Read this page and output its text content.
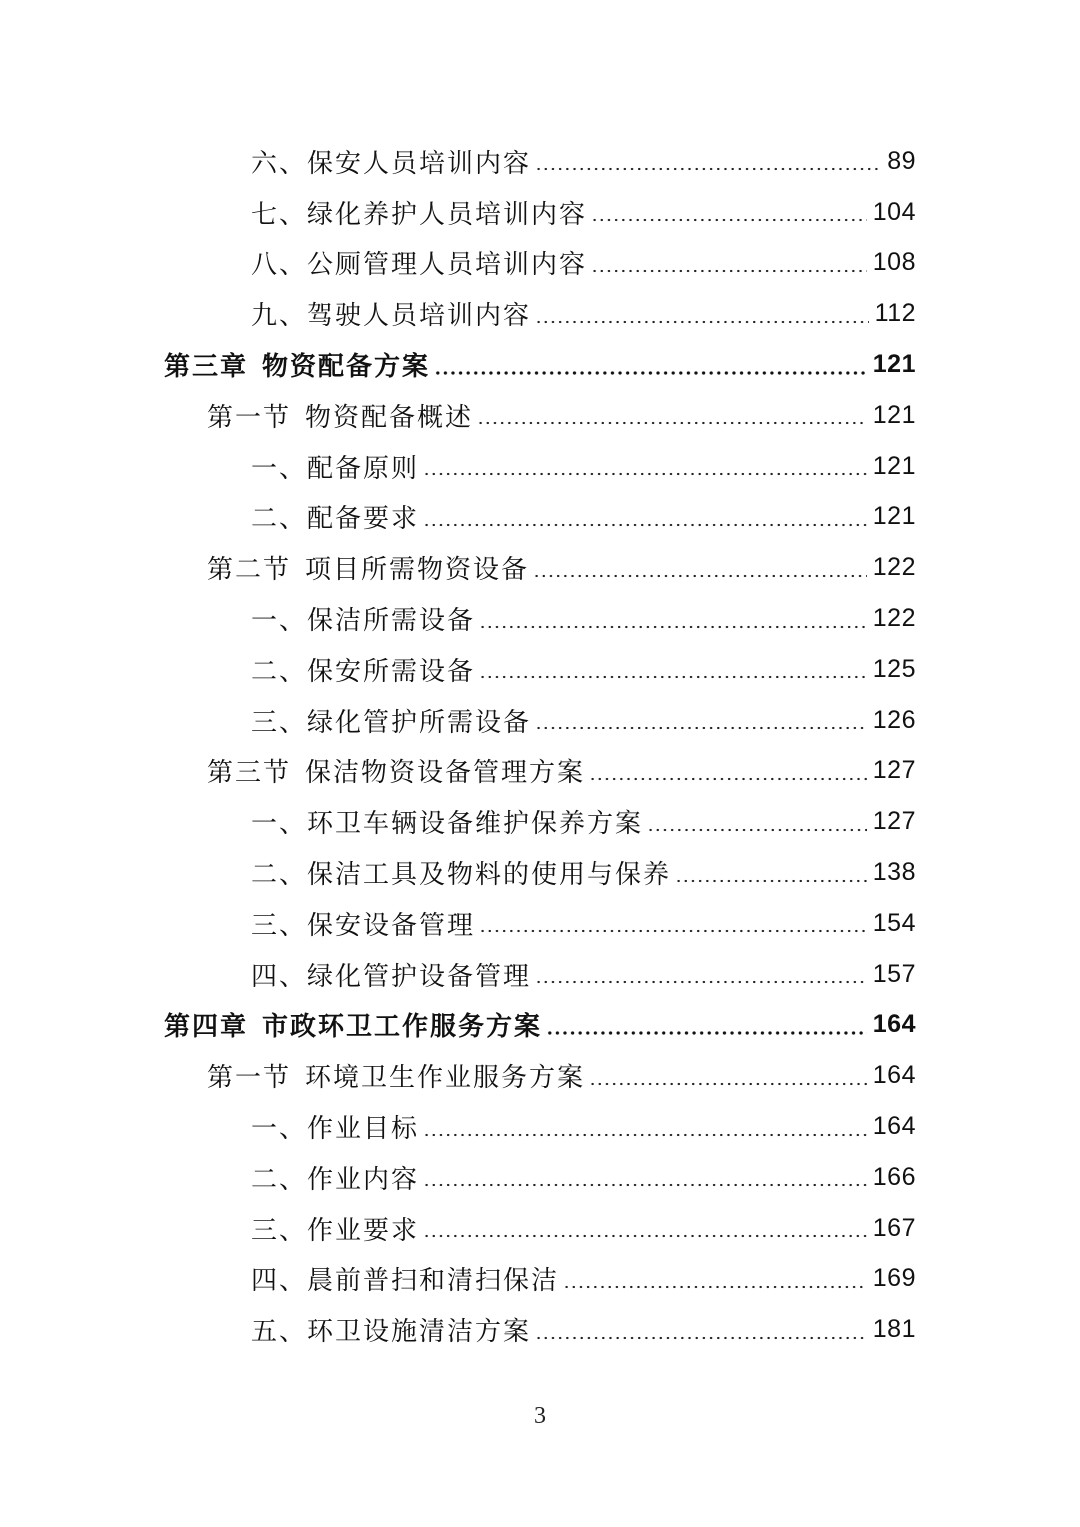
六、保安人员培训内容	89
七、绿化养护人员培训内容	104
八、公厕管理人员培训内容	108
九、驾驶人员培训内容	112
第三章 物资配备方案	121
第一节 物资配备概述	121
一、配备原则	121
二、配备要求	121
第二节 项目所需物资设备	122
一、保洁所需设备	122
二、保安所需设备	125
三、绿化管护所需设备	126
第三节 保洁物资设备管理方案	127
一、环卫车辆设备维护保养方案	127
二、保洁工具及物料的使用与保养	138
三、保安设备管理	154
四、绿化管护设备管理	157
第四章 市政环卫工作服务方案	164
第一节 环境卫生作业服务方案	164
一、作业目标	164
二、作业内容	166
三、作业要求	167
四、晨前普扫和清扫保洁	169
五、环卫设施清洁方案	181
3
